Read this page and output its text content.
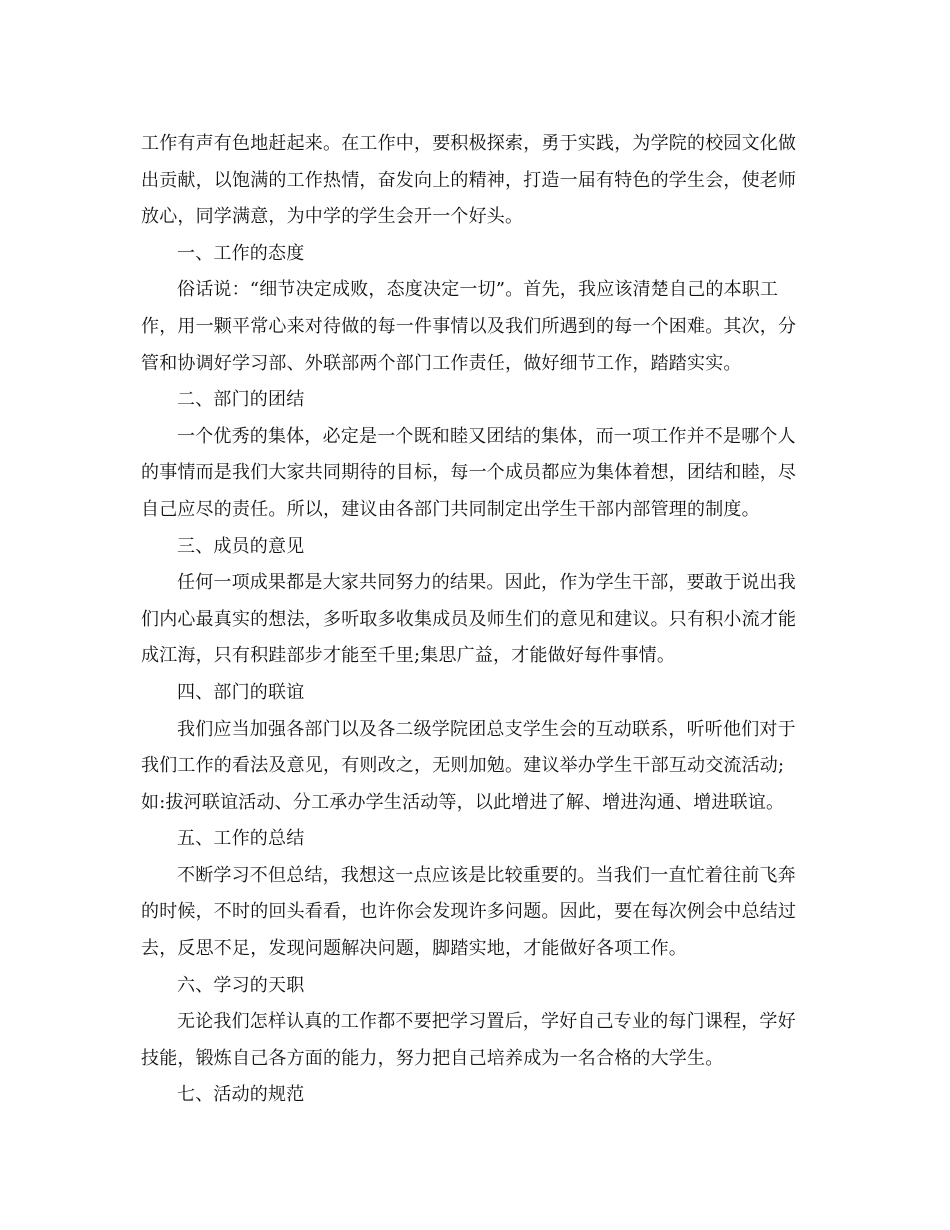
工作有声有色地赶起来。在工作中，要积极探索，勇于实践，为学院的校园文化做
出贡献，以饱满的工作热情，奋发向上的精神，打造一届有特色的学生会，使老师
放心，同学满意，为中学的学生会开一个好头。
一、工作的态度
俗话说：“细节决定成败，态度决定一切”。首先，我应该清楚自己的本职工
作，用一颗平常心来对待做的每一件事情以及我们所遇到的每一个困难。其次，分
管和协调好学习部、外联部两个部门工作责任，做好细节工作，踏踏实实。
二、部门的团结
一个优秀的集体，必定是一个既和睦又团结的集体，而一项工作并不是哪个人
的事情而是我们大家共同期待的目标，每一个成员都应为集体着想，团结和睦，尽
自己应尽的责任。所以，建议由各部门共同制定出学生干部内部管理的制度。
三、成员的意见
任何一项成果都是大家共同努力的结果。因此，作为学生干部，要敢于说出我
们内心最真实的想法，多听取多收集成员及师生们的意见和建议。只有积小流才能
成江海，只有积跬部步才能至千里;集思广益，才能做好每件事情。
四、部门的联谊
我们应当加强各部门以及各二级学院团总支学生会的互动联系，听听他们对于
我们工作的看法及意见，有则改之，无则加勉。建议举办学生干部互动交流活动;
如:拔河联谊活动、分工承办学生活动等，以此增进了解、增进沟通、增进联谊。
五、工作的总结
不断学习不但总结，我想这一点应该是比较重要的。当我们一直忙着往前飞奔
的时候，不时的回头看看，也许你会发现许多问题。因此，要在每次例会中总结过
去，反思不足，发现问题解决问题，脚踏实地，才能做好各项工作。
六、学习的天职
无论我们怎样认真的工作都不要把学习置后，学好自己专业的每门课程，学好
技能，锻炼自己各方面的能力，努力把自己培养成为一名合格的大学生。
七、活动的规范
